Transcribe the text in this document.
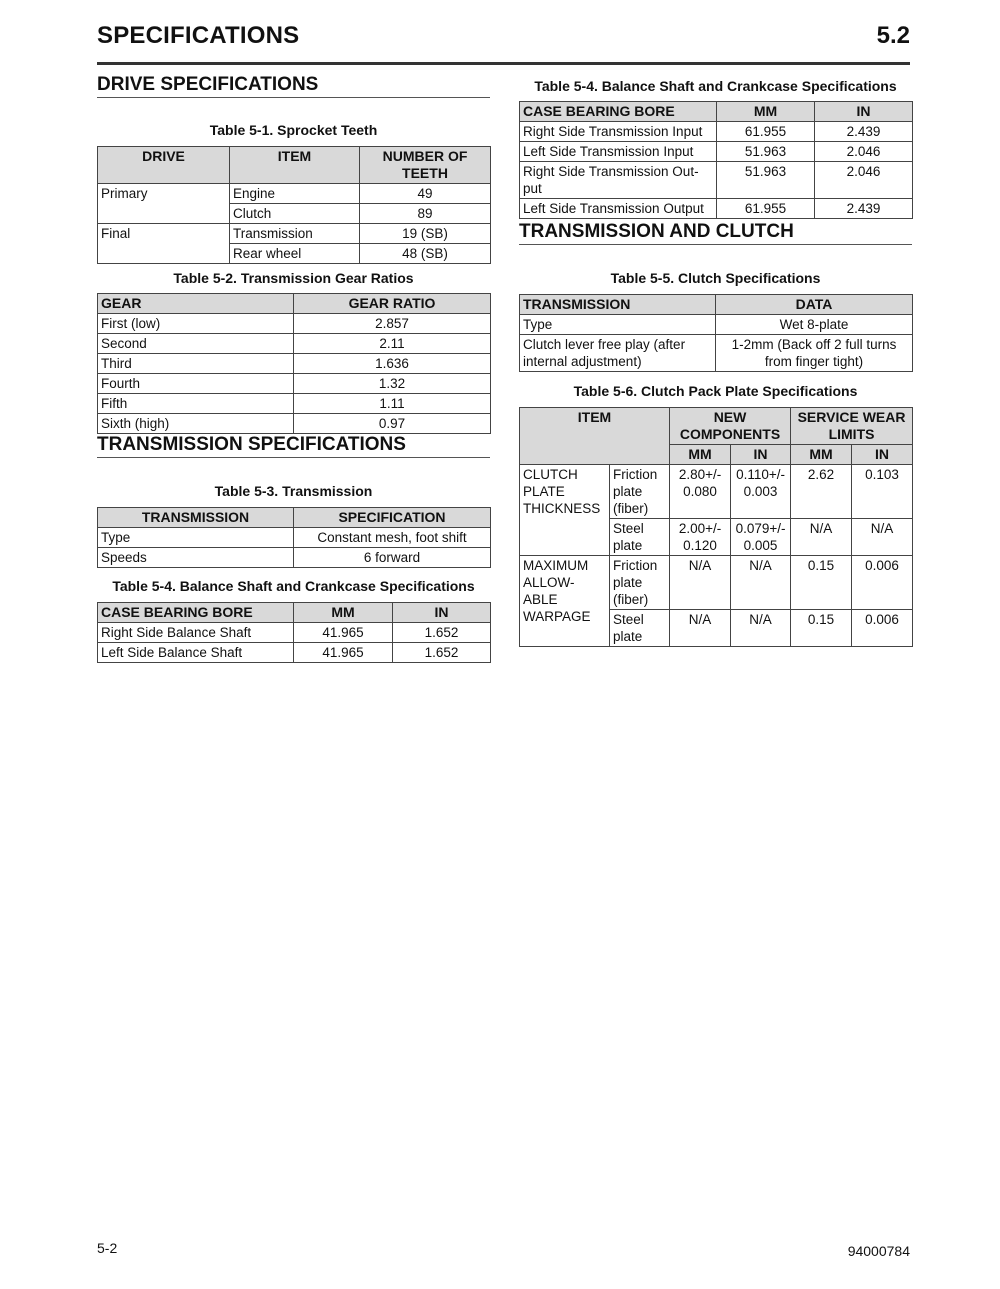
SPECIFICATIONS	5.2
DRIVE SPECIFICATIONS
Table 5-1. Sprocket Teeth
DRIVE	ITEM	NUMBER OF TEETH
Primary	Engine	49
	Clutch	89
Final	Transmission	19 (SB)
	Rear wheel	48 (SB)
Table 5-2. Transmission Gear Ratios
GEAR	GEAR RATIO
First (low)	2.857
Second	2.11
Third	1.636
Fourth	1.32
Fifth	1.11
Sixth (high)	0.97
TRANSMISSION SPECIFICATIONS
Table 5-3. Transmission
TRANSMISSION	SPECIFICATION
Type	Constant mesh, foot shift
Speeds	6 forward
Table 5-4. Balance Shaft and Crankcase Specifications
CASE BEARING BORE	MM	IN
Right Side Balance Shaft	41.965	1.652
Left Side Balance Shaft	41.965	1.652
Table 5-4. Balance Shaft and Crankcase Specifications
CASE BEARING BORE	MM	IN
Right Side Transmission Input	61.955	2.439
Left Side Transmission Input	51.963	2.046
Right Side Transmission Out-put	51.963	2.046
Left Side Transmission Output	61.955	2.439
TRANSMISSION AND CLUTCH
Table 5-5. Clutch Specifications
TRANSMISSION	DATA
Type	Wet 8-plate
Clutch lever free play (after internal adjustment)	1-2mm (Back off 2 full turns from finger tight)
Table 5-6. Clutch Pack Plate Specifications
ITEM		NEW COMPONENTS		SERVICE WEAR LIMITS	
		MM	IN	MM	IN
CLUTCH PLATE THICKNESS	Friction plate (fiber)	2.80+/- 0.080	0.110+/- 0.003	2.62	0.103
	Steel plate	2.00+/- 0.120	0.079+/- 0.005	N/A	N/A
MAXIMUM ALLOW-ABLE WARPAGE	Friction plate (fiber)	N/A	N/A	0.15	0.006
	Steel plate	N/A	N/A	0.15	0.006
5-2	94000784
